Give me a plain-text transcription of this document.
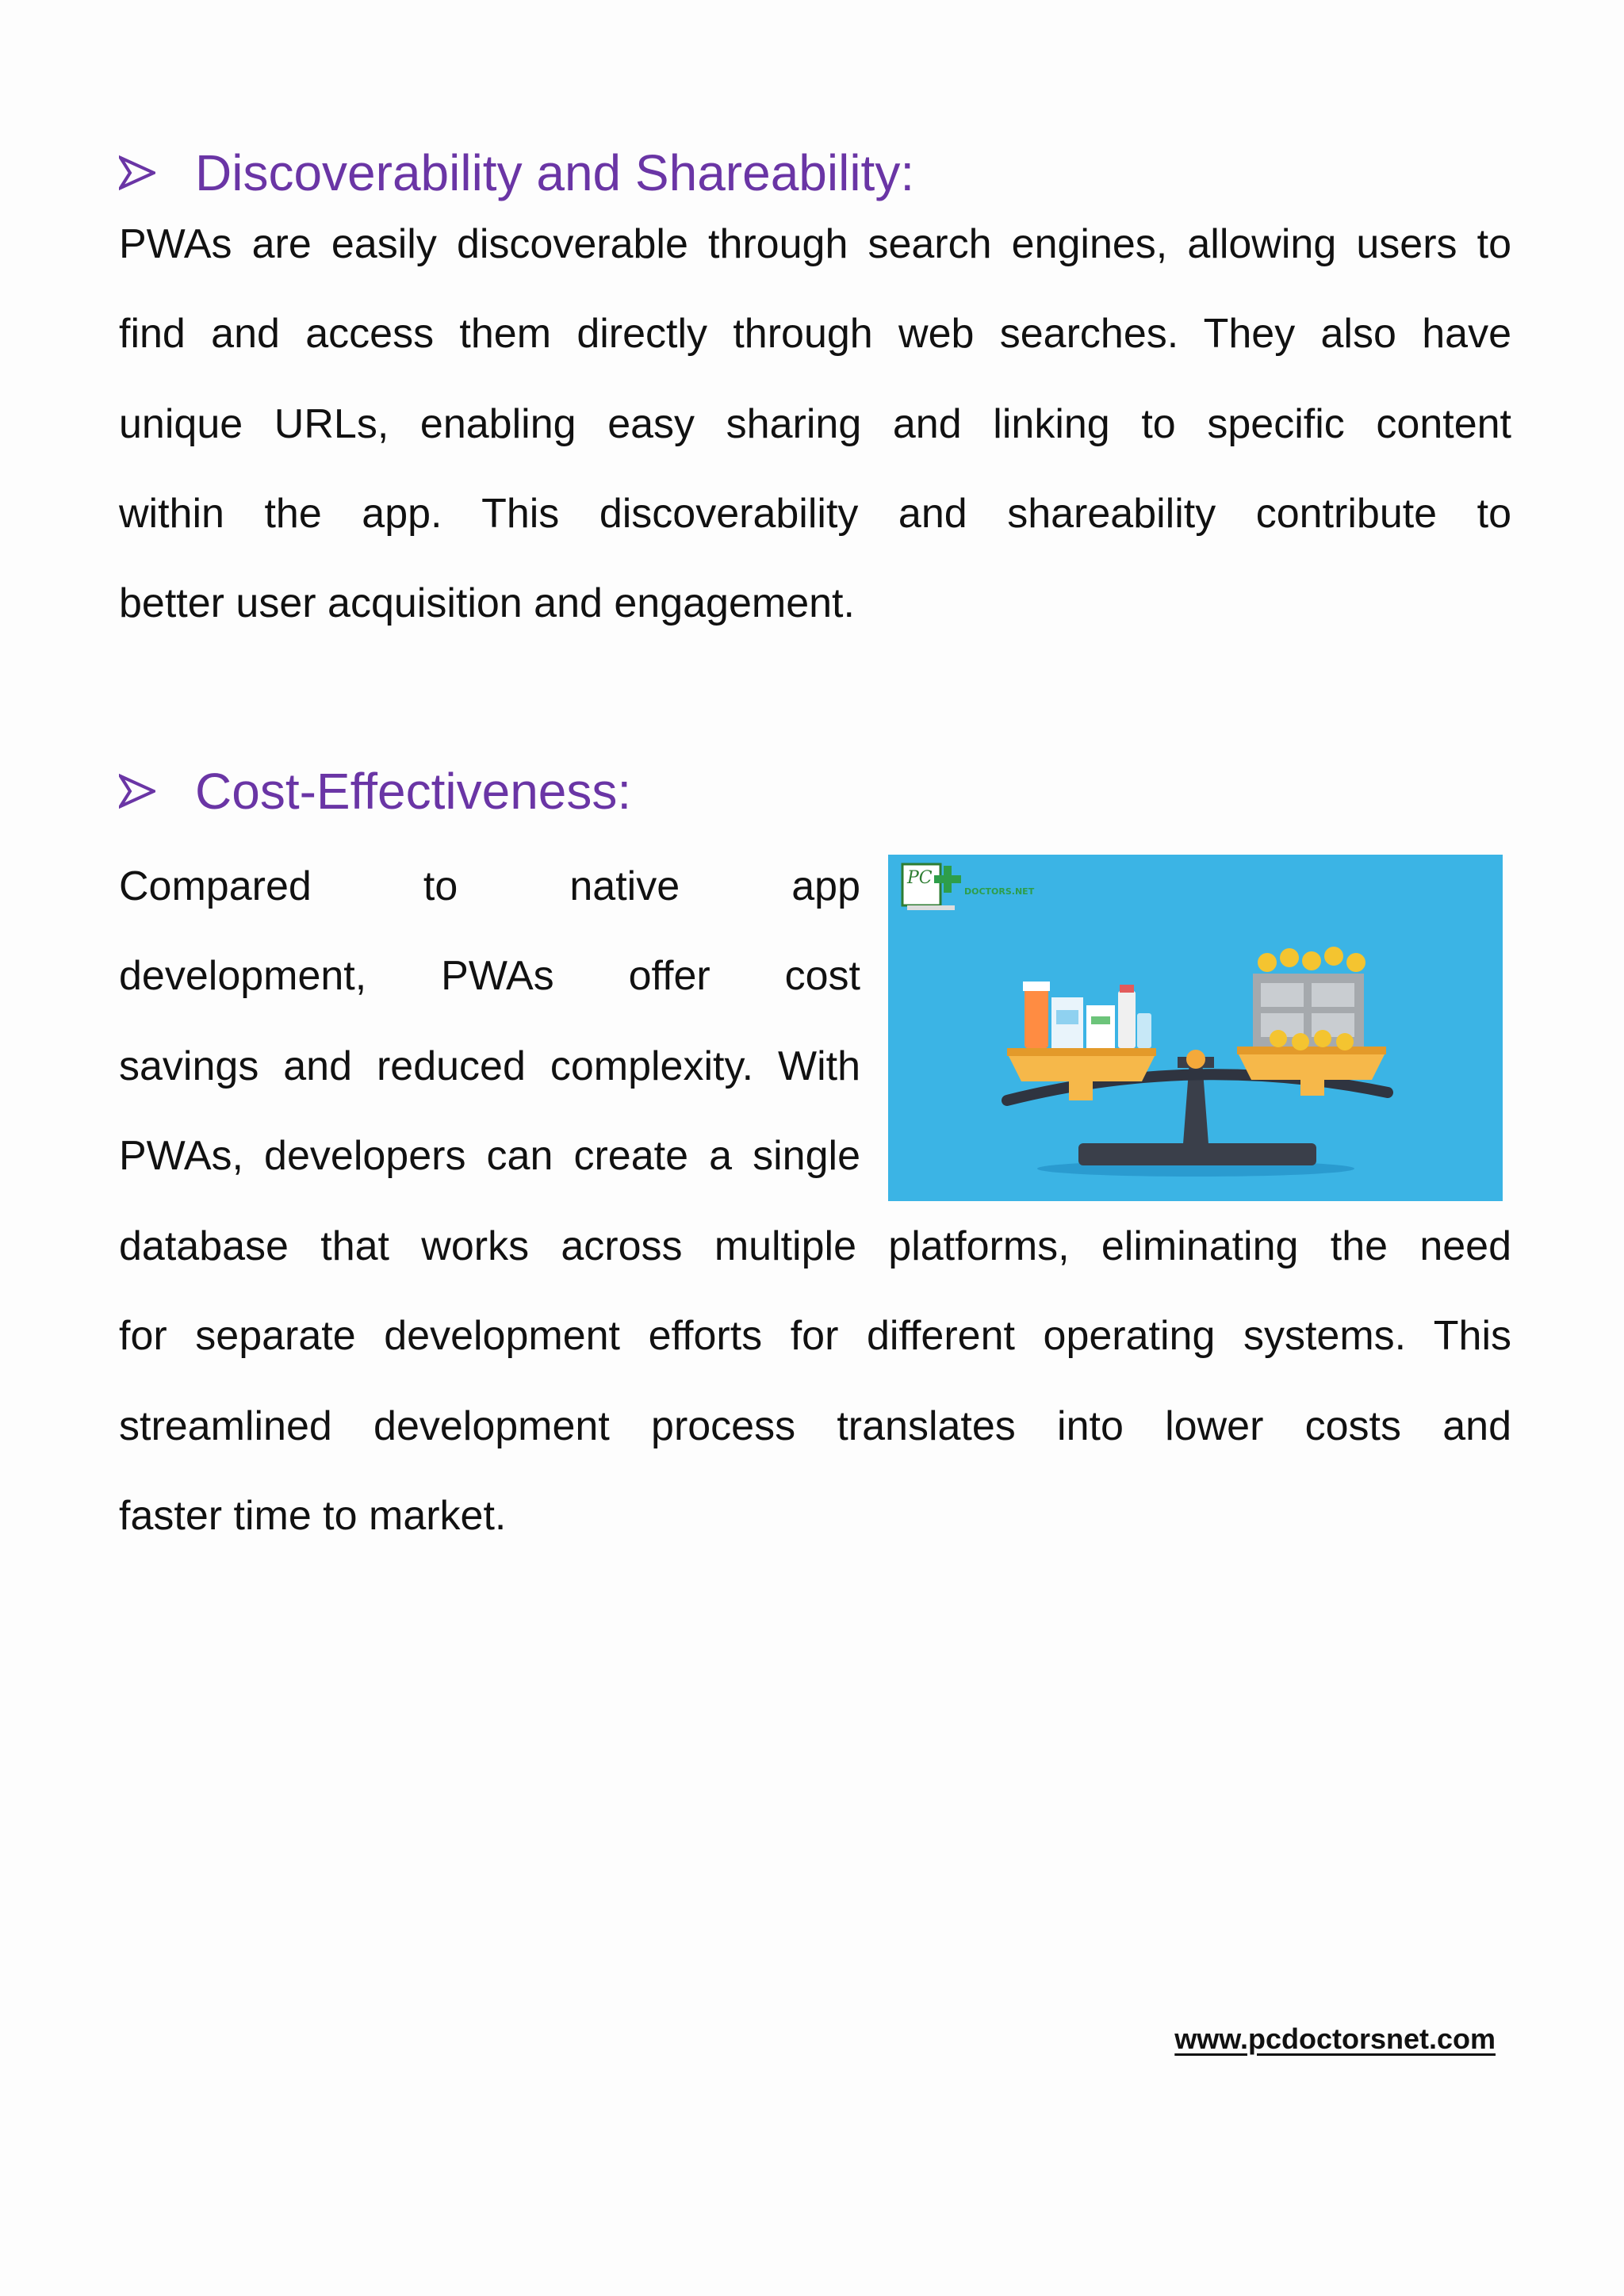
Discoverability and Shareability:
PWAs are easily discoverable through search engines, allowing users to
find and access them directly through web searches. They also have
unique URLs, enabling easy sharing and linking to specific content
within the app. This discoverability and shareability contribute to
better user acquisition and engagement.
Cost-Effectiveness:
Compared to native app
development, PWAs offer cost
savings and reduced complexity. With
PWAs, developers can create a single
PC
DOCTORS.NET
database that works across multiple platforms, eliminating the need
for separate development efforts for different operating systems. This
streamlined development process translates into lower costs and
faster time to market.
www.pcdoctorsnet.com
